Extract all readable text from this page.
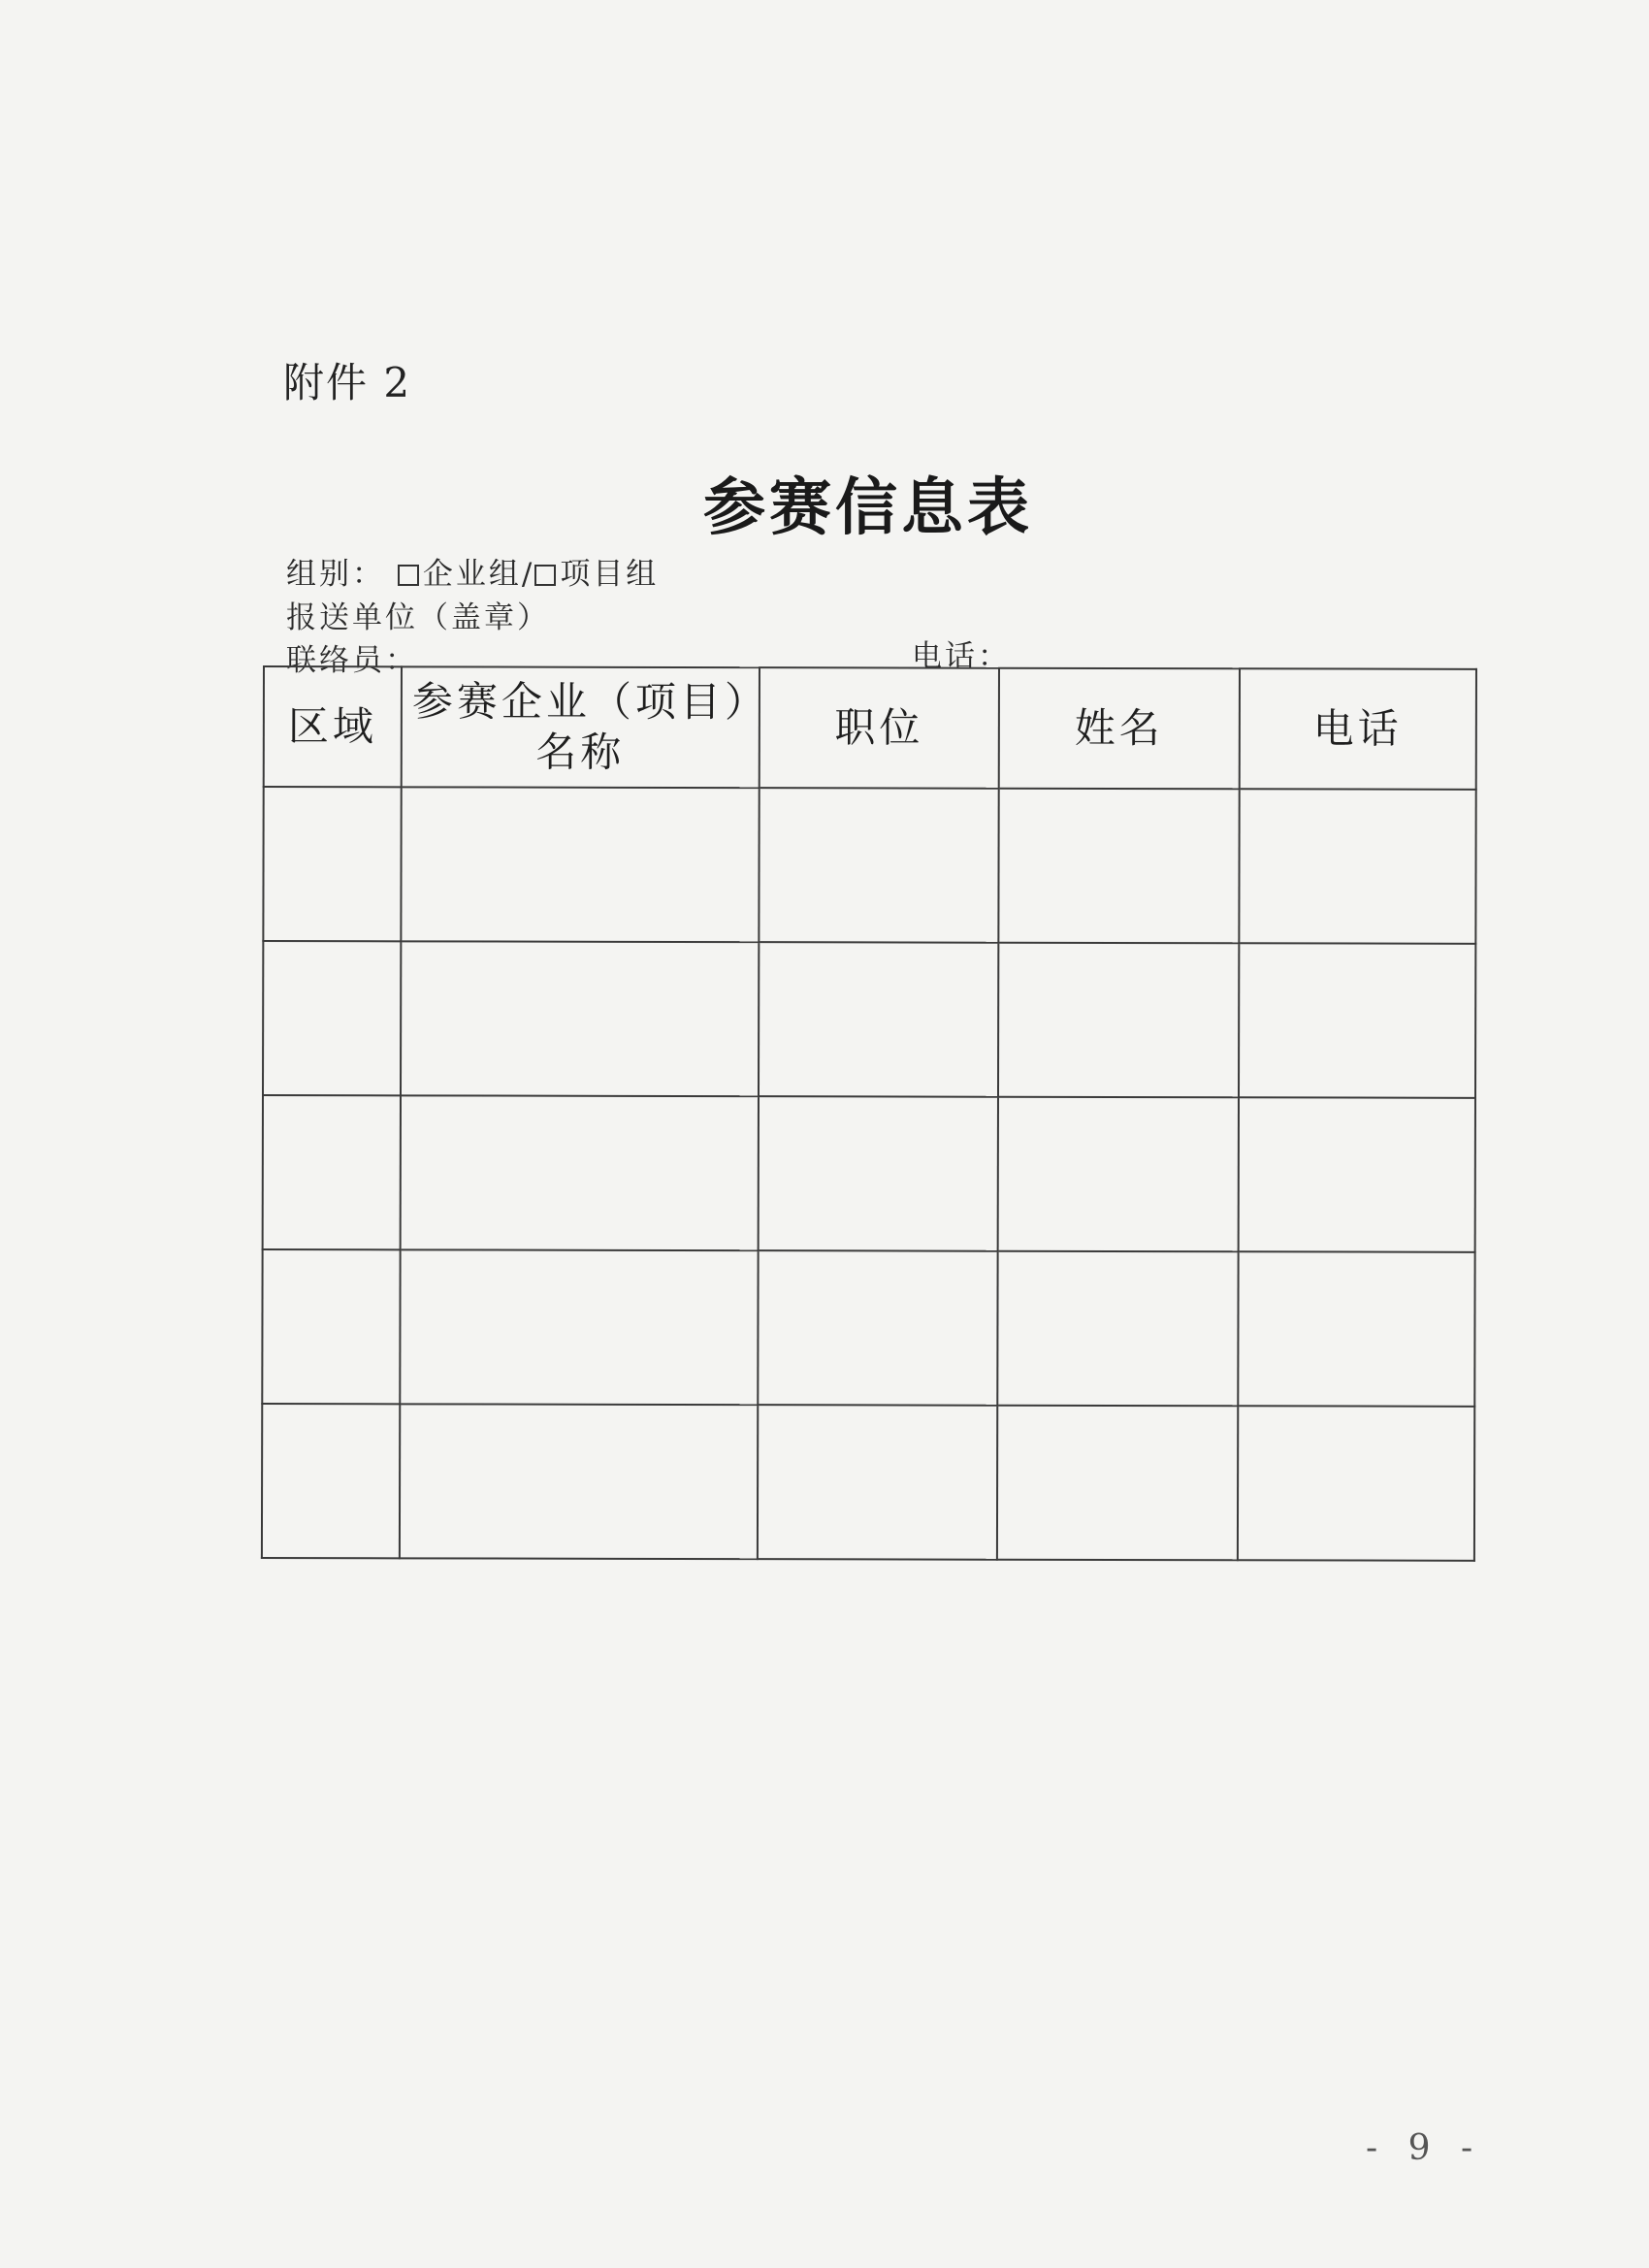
附件 2
参赛信息表
组别： 企业组/ 项目组
报送单位（盖章）
联络员：	电话：
区域	参赛企业（项目）名称	职位	姓名	电话

- 9 -
